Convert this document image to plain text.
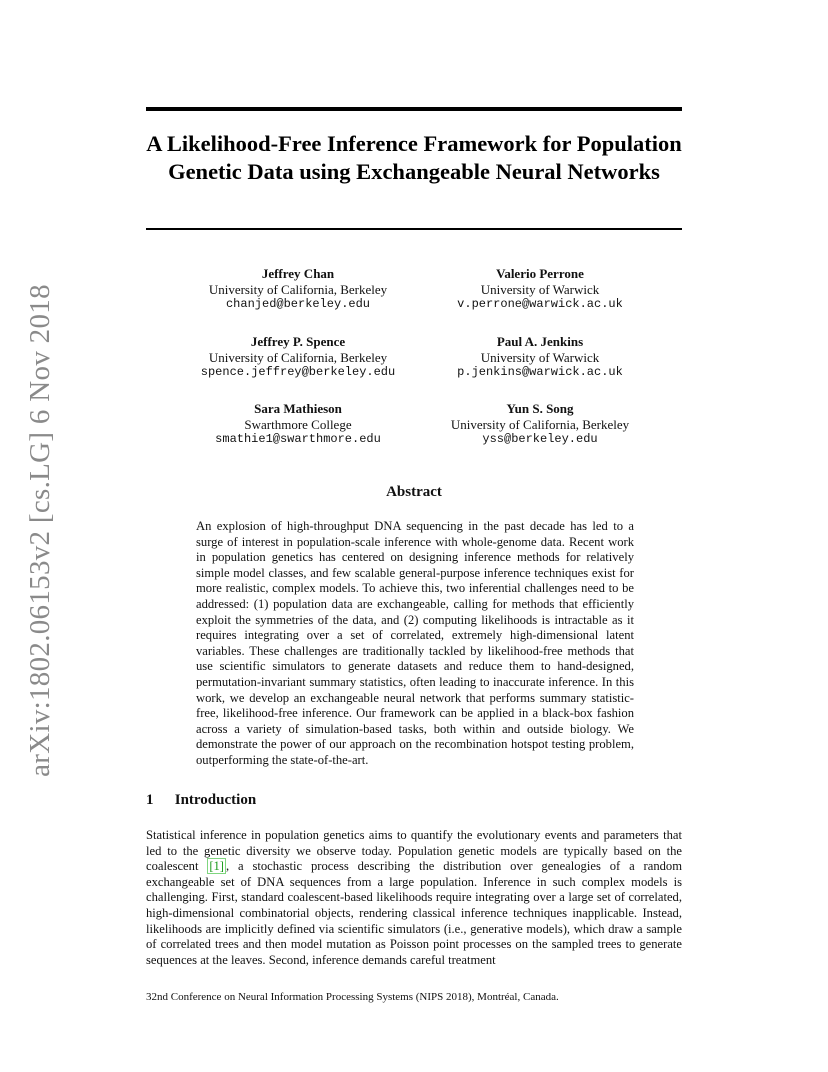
arXiv:1802.06153v2 [cs.LG] 6 Nov 2018
A Likelihood-Free Inference Framework for Population Genetic Data using Exchangeable Neural Networks
Jeffrey Chan
University of California, Berkeley
chanjed@berkeley.edu
Valerio Perrone
University of Warwick
v.perrone@warwick.ac.uk
Jeffrey P. Spence
University of California, Berkeley
spence.jeffrey@berkeley.edu
Paul A. Jenkins
University of Warwick
p.jenkins@warwick.ac.uk
Sara Mathieson
Swarthmore College
smathie1@swarthmore.edu
Yun S. Song
University of California, Berkeley
yss@berkeley.edu
Abstract
An explosion of high-throughput DNA sequencing in the past decade has led to a surge of interest in population-scale inference with whole-genome data. Recent work in population genetics has centered on designing inference methods for relatively simple model classes, and few scalable general-purpose inference techniques exist for more realistic, complex models. To achieve this, two inferential challenges need to be addressed: (1) population data are exchangeable, calling for methods that efficiently exploit the symmetries of the data, and (2) computing likelihoods is intractable as it requires integrating over a set of correlated, extremely high-dimensional latent variables. These challenges are traditionally tackled by likelihood-free methods that use scientific simulators to generate datasets and reduce them to hand-designed, permutation-invariant summary statistics, often leading to inaccurate inference. In this work, we develop an exchangeable neural network that performs summary statistic-free, likelihood-free inference. Our framework can be applied in a black-box fashion across a variety of simulation-based tasks, both within and outside biology. We demonstrate the power of our approach on the recombination hotspot testing problem, outperforming the state-of-the-art.
1 Introduction
Statistical inference in population genetics aims to quantify the evolutionary events and parameters that led to the genetic diversity we observe today. Population genetic models are typically based on the coalescent [1] , a stochastic process describing the distribution over genealogies of a random exchangeable set of DNA sequences from a large population. Inference in such complex models is challenging. First, standard coalescent-based likelihoods require integrating over a large set of correlated, high-dimensional combinatorial objects, rendering classical inference techniques inapplicable. Instead, likelihoods are implicitly defined via scientific simulators (i.e., generative models), which draw a sample of correlated trees and then model mutation as Poisson point processes on the sampled trees to generate sequences at the leaves. Second, inference demands careful treatment
32nd Conference on Neural Information Processing Systems (NIPS 2018), Montréal, Canada.
